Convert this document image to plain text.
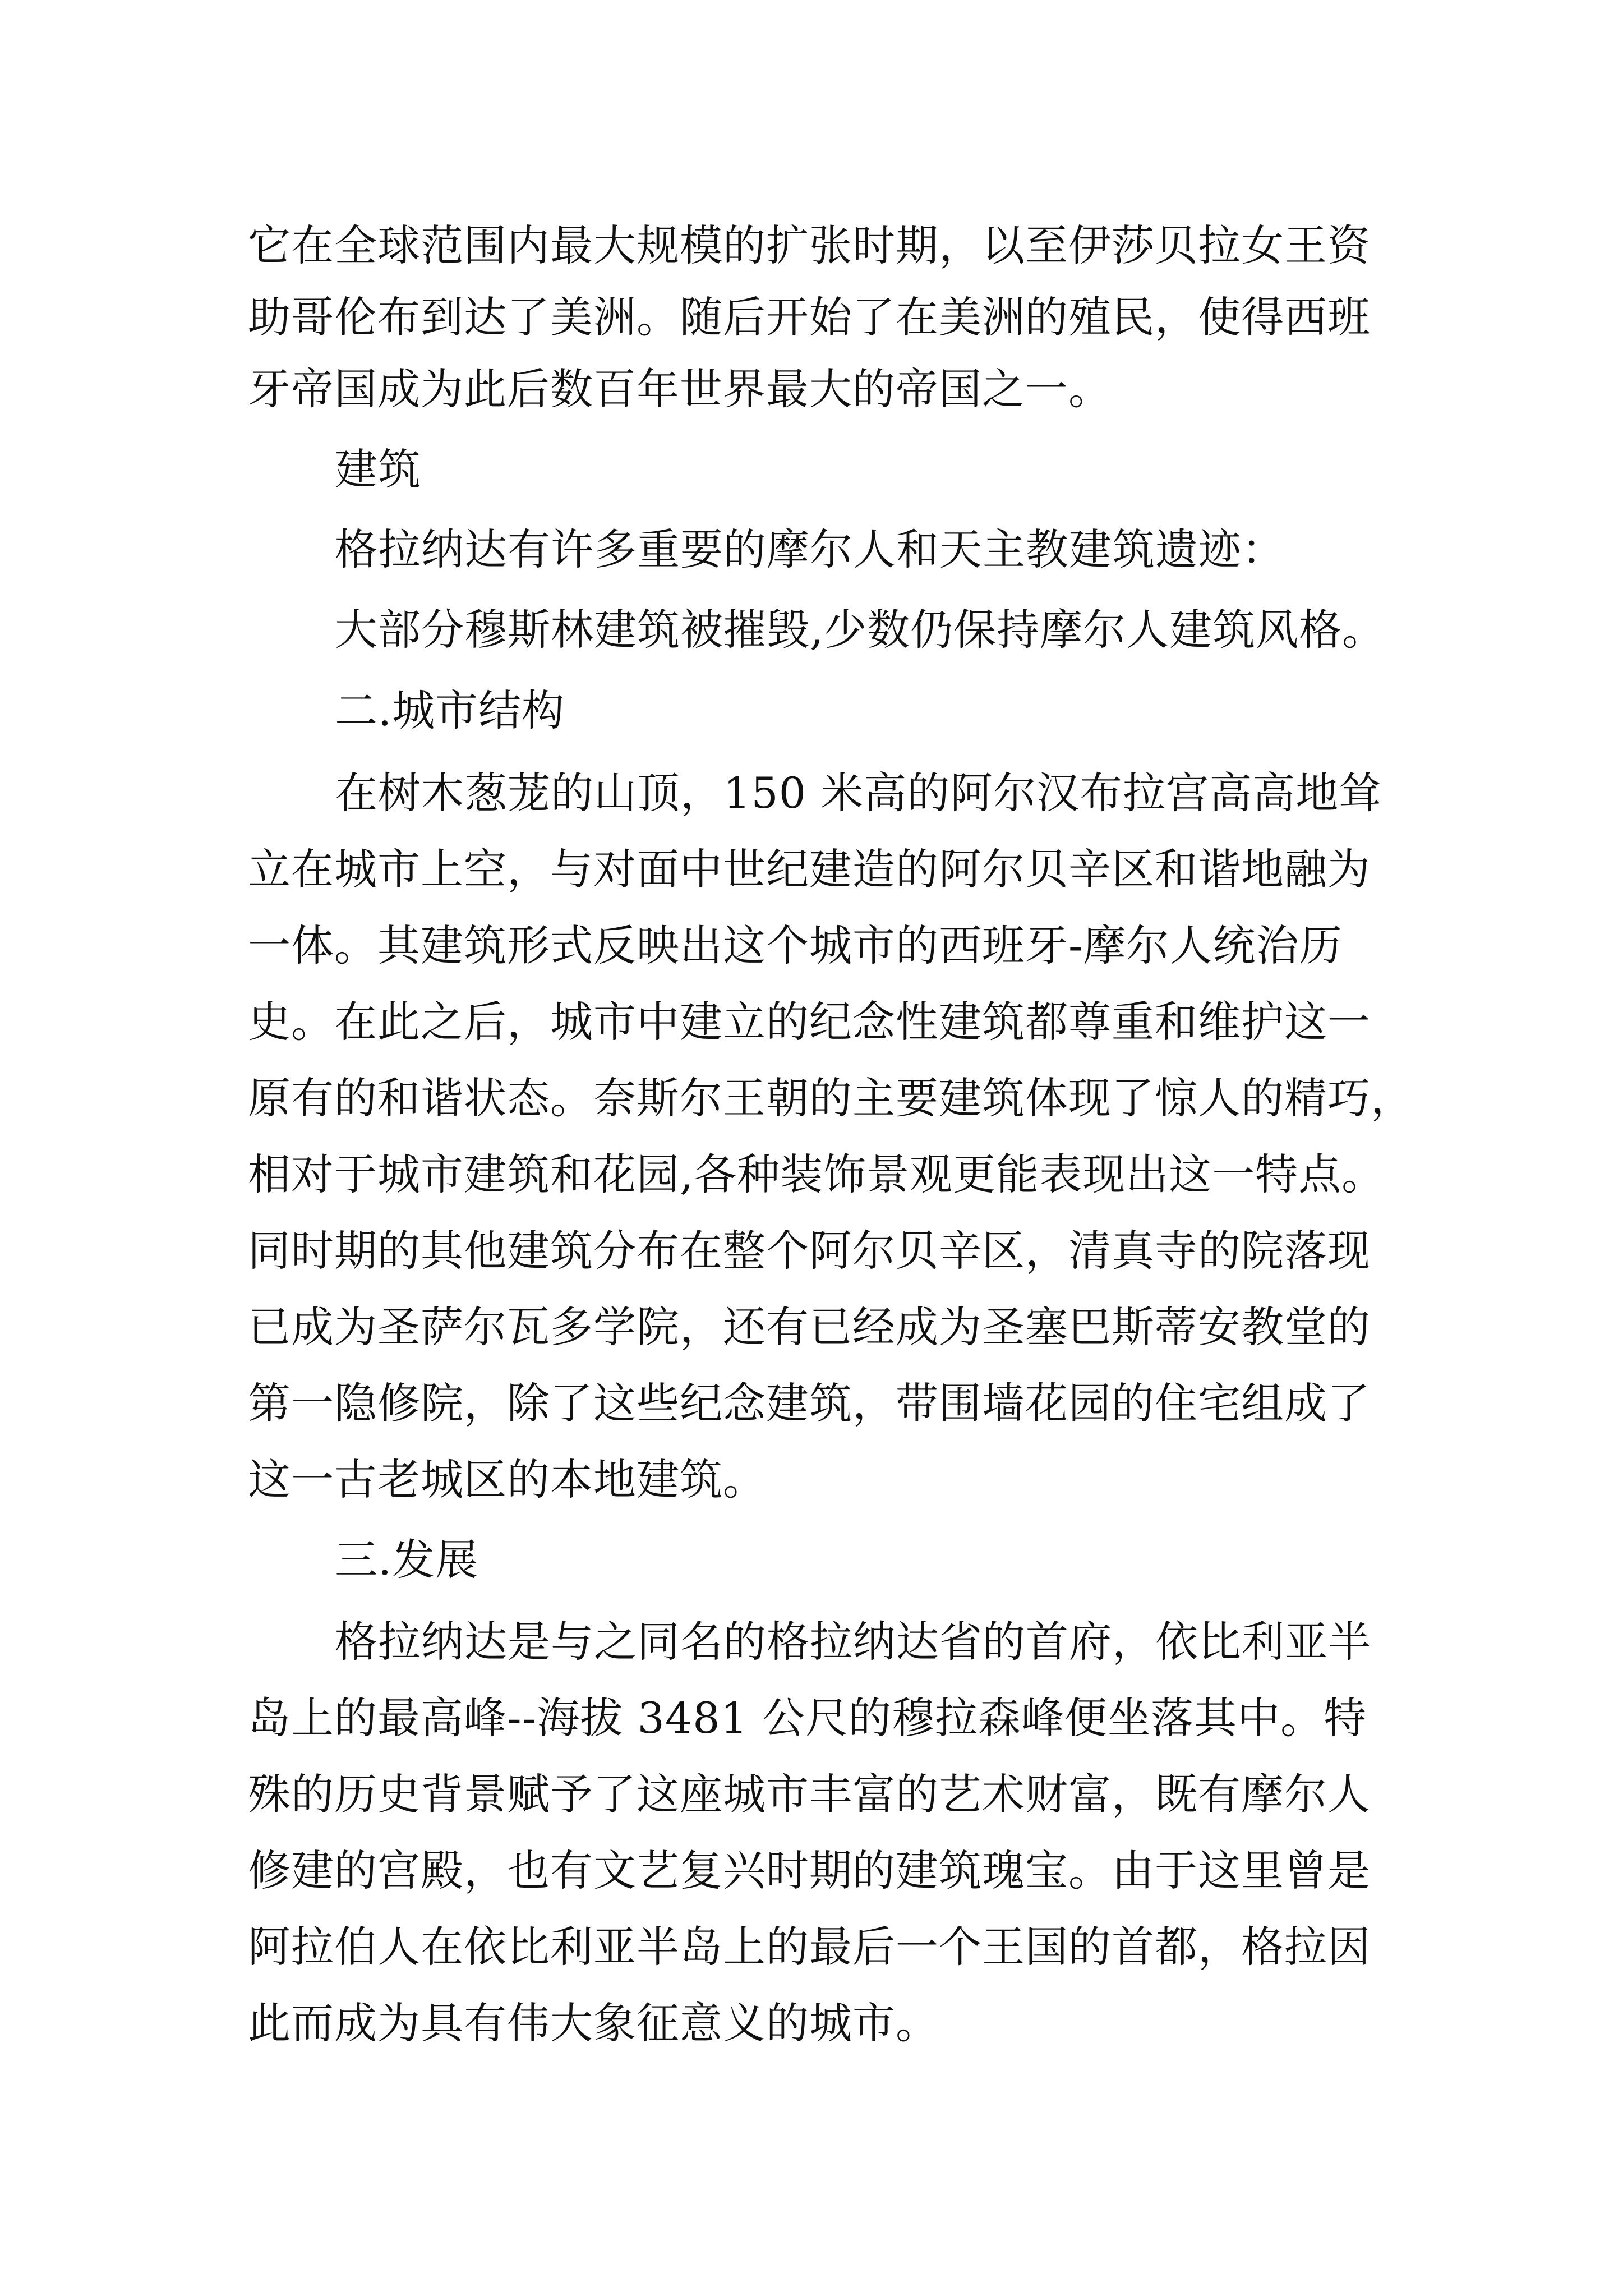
它在全球范围内最大规模的扩张时期，以至伊莎贝拉女王资
助哥伦布到达了美洲。随后开始了在美洲的殖民，使得西班
牙帝国成为此后数百年世界最大的帝国之一。
建筑
格拉纳达有许多重要的摩尔人和天主教建筑遗迹：
大部分穆斯林建筑被摧毁,少数仍保持摩尔人建筑风格。
二.城市结构
在树木葱茏的山顶，150 米高的阿尔汉布拉宫高高地耸
立在城市上空，与对面中世纪建造的阿尔贝辛区和谐地融为
一体。其建筑形式反映出这个城市的西班牙-摩尔人统治历
史。在此之后，城市中建立的纪念性建筑都尊重和维护这一
原有的和谐状态。奈斯尔王朝的主要建筑体现了惊人的精巧，
相对于城市建筑和花园,各种装饰景观更能表现出这一特点。
同时期的其他建筑分布在整个阿尔贝辛区，清真寺的院落现
已成为圣萨尔瓦多学院，还有已经成为圣塞巴斯蒂安教堂的
第一隐修院，除了这些纪念建筑，带围墙花园的住宅组成了
这一古老城区的本地建筑。
三.发展
格拉纳达是与之同名的格拉纳达省的首府，依比利亚半
岛上的最高峰--海拔 3481 公尺的穆拉森峰便坐落其中。特
殊的历史背景赋予了这座城市丰富的艺术财富，既有摩尔人
修建的宫殿，也有文艺复兴时期的建筑瑰宝。由于这里曾是
阿拉伯人在依比利亚半岛上的最后一个王国的首都，格拉因
此而成为具有伟大象征意义的城市。
